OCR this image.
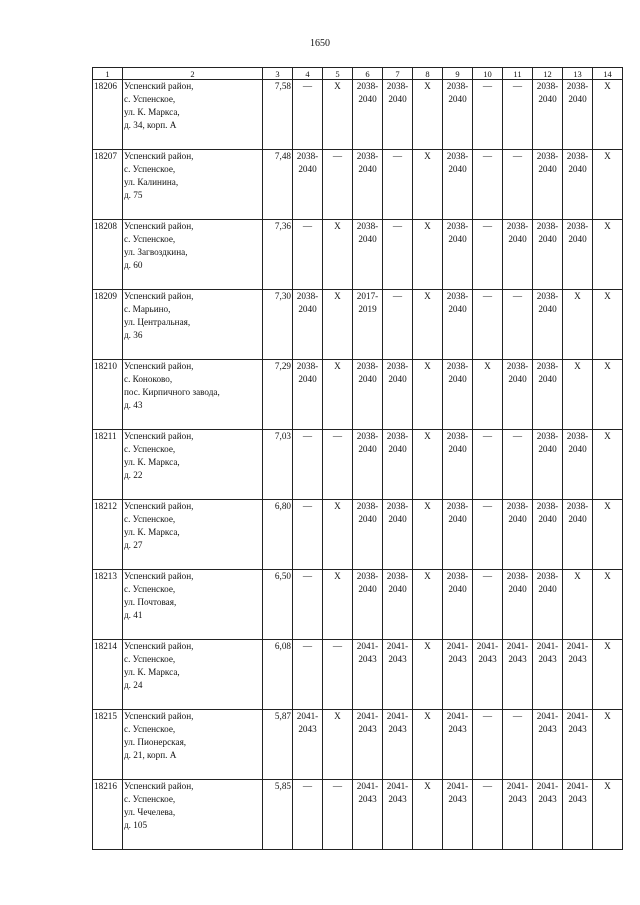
1650
1	2	3	4	5	6	7	8	9	10	11	12	13	14
18206	Успенский район,
с. Успенское,
ул. К. Маркса,
д. 34, корп. А	7,58	—	X	2038-2040	2038-2040	X	2038-2040	—	—	2038-2040	2038-2040	X
18207	Успенский район,
с. Успенское,
ул. Калинина,
д. 75	7,48	2038-2040	—	2038-2040	—	X	2038-2040	—	—	2038-2040	2038-2040	X
18208	Успенский район,
с. Успенское,
ул. Загвоздкина,
д. 60	7,36	—	X	2038-2040	—	X	2038-2040	—	2038-2040	2038-2040	2038-2040	X
18209	Успенский район,
с. Марьино,
ул. Центральная,
д. 36	7,30	2038-2040	X	2017-2019	—	X	2038-2040	—	—	2038-2040	X	X
18210	Успенский район,
с. Коноково,
пос. Кирпичного завода,
д. 43	7,29	2038-2040	X	2038-2040	2038-2040	X	2038-2040	X	2038-2040	2038-2040	X	X
18211	Успенский район,
с. Успенское,
ул. К. Маркса,
д. 22	7,03	—	—	2038-2040	2038-2040	X	2038-2040	—	—	2038-2040	2038-2040	X
18212	Успенский район,
с. Успенское,
ул. К. Маркса,
д. 27	6,80	—	X	2038-2040	2038-2040	X	2038-2040	—	2038-2040	2038-2040	2038-2040	X
18213	Успенский район,
с. Успенское,
ул. Почтовая,
д. 41	6,50	—	X	2038-2040	2038-2040	X	2038-2040	—	2038-2040	2038-2040	X	X
18214	Успенский район,
с. Успенское,
ул. К. Маркса,
д. 24	6,08	—	—	2041-2043	2041-2043	X	2041-2043	2041-2043	2041-2043	2041-2043	2041-2043	X
18215	Успенский район,
с. Успенское,
ул. Пионерская,
д. 21, корп. А	5,87	2041-2043	X	2041-2043	2041-2043	X	2041-2043	—	—	2041-2043	2041-2043	X
18216	Успенский район,
с. Успенское,
ул. Чечелева,
д. 105	5,85	—	—	2041-2043	2041-2043	X	2041-2043	—	2041-2043	2041-2043	2041-2043	X
